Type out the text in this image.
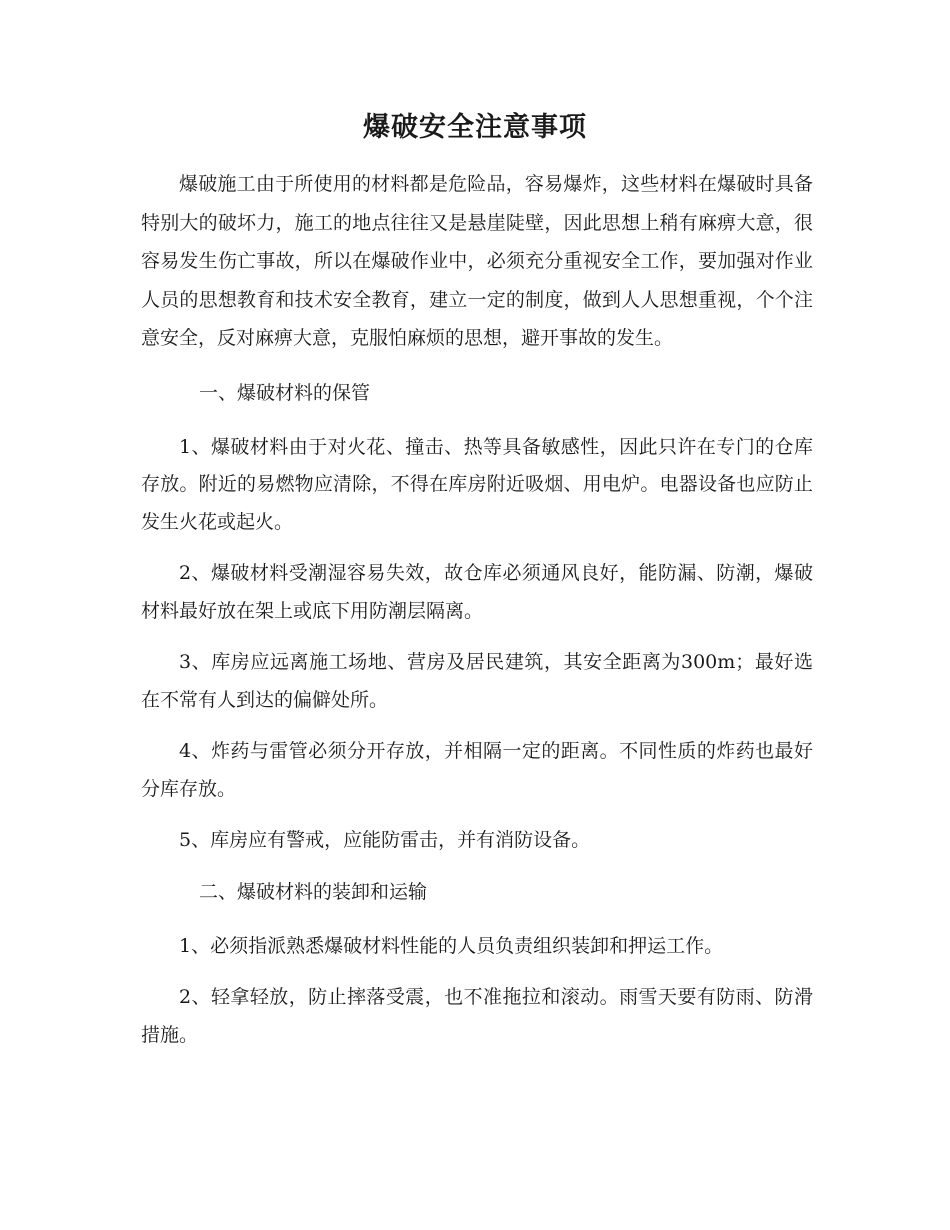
爆破安全注意事项

爆破施工由于所使用的材料都是危险品，容易爆炸，这些材料在爆破时具备特别大的破坏力，施工的地点往往又是悬崖陡壁，因此思想上稍有麻痹大意，很容易发生伤亡事故，所以在爆破作业中，必须充分重视安全工作，要加强对作业人员的思想教育和技术安全教育，建立一定的制度，做到人人思想重视，个个注意安全，反对麻痹大意，克服怕麻烦的思想，避开事故的发生。

一、爆破材料的保管

1、爆破材料由于对火花、撞击、热等具备敏感性，因此只许在专门的仓库存放。附近的易燃物应清除，不得在库房附近吸烟、用电炉。电器设备也应防止发生火花或起火。

2、爆破材料受潮湿容易失效，故仓库必须通风良好，能防漏、防潮，爆破材料最好放在架上或底下用防潮层隔离。

3、库房应远离施工场地、营房及居民建筑，其安全距离为300m；最好选在不常有人到达的偏僻处所。

4、炸药与雷管必须分开存放，并相隔一定的距离。不同性质的炸药也最好分库存放。

5、库房应有警戒，应能防雷击，并有消防设备。

二、爆破材料的装卸和运输

1、必须指派熟悉爆破材料性能的人员负责组织装卸和押运工作。

2、轻拿轻放，防止摔落受震，也不准拖拉和滚动。雨雪天要有防雨、防滑措施。
